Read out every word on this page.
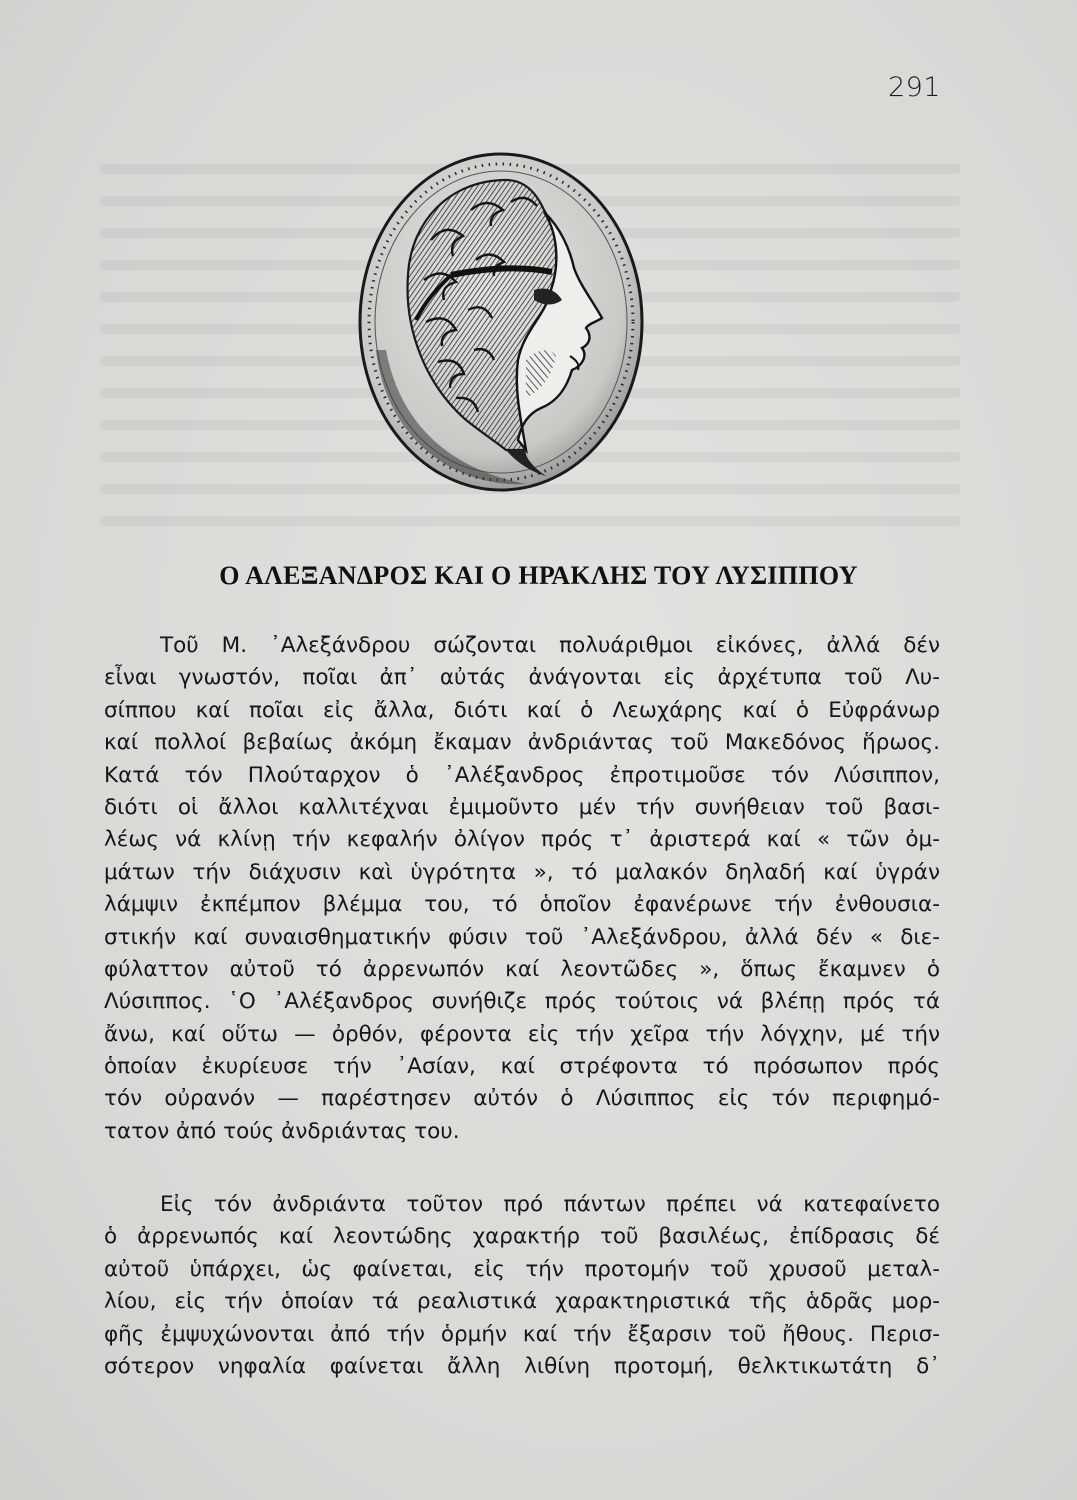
291
Ο ΑΛΕΞΑΝΔΡΟΣ ΚΑΙ Ο ΗΡΑΚΛΗΣ ΤΟΥ ΛΥΣΙΠΠΟΥ
Τοῦ Μ. ᾿Αλεξάνδρου σώζονται πολυάριθμοι εἰκόνες, ἀλλά δέν
εἶναι γνωστόν, ποῖαι ἀπ᾿ αὐτάς ἀνάγονται εἰς ἀρχέτυπα τοῦ Λυ-
σίππου καί ποῖαι εἰς ἄλλα, διότι καί ὁ Λεωχάρης καί ὁ Εὐφράνωρ
καί πολλοί βεβαίως ἀκόμη ἔκαμαν ἀνδριάντας τοῦ Μακεδόνος ἥρωος.
Κατά τόν Πλούταρχον ὁ ᾿Αλέξανδρος ἐπροτιμοῦσε τόν Λύσιππον,
διότι οἱ ἄλλοι καλλιτέχναι ἐμιμοῦντο μέν τήν συνήθειαν τοῦ βασι-
λέως νά κλίνῃ τήν κεφαλήν ὀλίγον πρός τ᾿ ἀριστερά καί « τῶν ὀμ-
μάτων τήν διάχυσιν καὶ ὑγρότητα », τό μαλακόν δηλαδή καί ὑγράν
λάμψιν ἐκπέμπον βλέμμα του, τό ὁποῖον ἐφανέρωνε τήν ἐνθουσια-
στικήν καί συναισθηματικήν φύσιν τοῦ ᾿Αλεξάνδρου, ἀλλά δέν « διε-
φύλαττον αὐτοῦ τό ἀρρενωπόν καί λεοντῶδες », ὅπως ἔκαμνεν ὁ
Λύσιππος. ῾Ο ᾿Αλέξανδρος συνήθιζε πρός τούτοις νά βλέπῃ πρός τά
ἄνω, καί οὕτω — ὀρθόν, φέροντα εἰς τήν χεῖρα τήν λόγχην, μέ τήν
ὁποίαν ἐκυρίευσε τήν ᾿Ασίαν, καί στρέφοντα τό πρόσωπον πρός
τόν οὐρανόν — παρέστησεν αὐτόν ὁ Λύσιππος εἰς τόν περιφημό-
τατον ἀπό τούς ἀνδριάντας του.
Εἰς τόν ἀνδριάντα τοῦτον πρό πάντων πρέπει νά κατεφαίνετο
ὁ ἀρρενωπός καί λεοντώδης χαρακτήρ τοῦ βασιλέως, ἐπίδρασις δέ
αὐτοῦ ὑπάρχει, ὡς φαίνεται, εἰς τήν προτομήν τοῦ χρυσοῦ μεταλ-
λίου, εἰς τήν ὁποίαν τά ρεαλιστικά χαρακτηριστικά τῆς ἁδρᾶς μορ-
φῆς ἐμψυχώνονται ἀπό τήν ὁρμήν καί τήν ἔξαρσιν τοῦ ἤθους. Περισ-
σότερον νηφαλία φαίνεται ἄλλη λιθίνη προτομή, θελκτικωτάτη δ᾿
